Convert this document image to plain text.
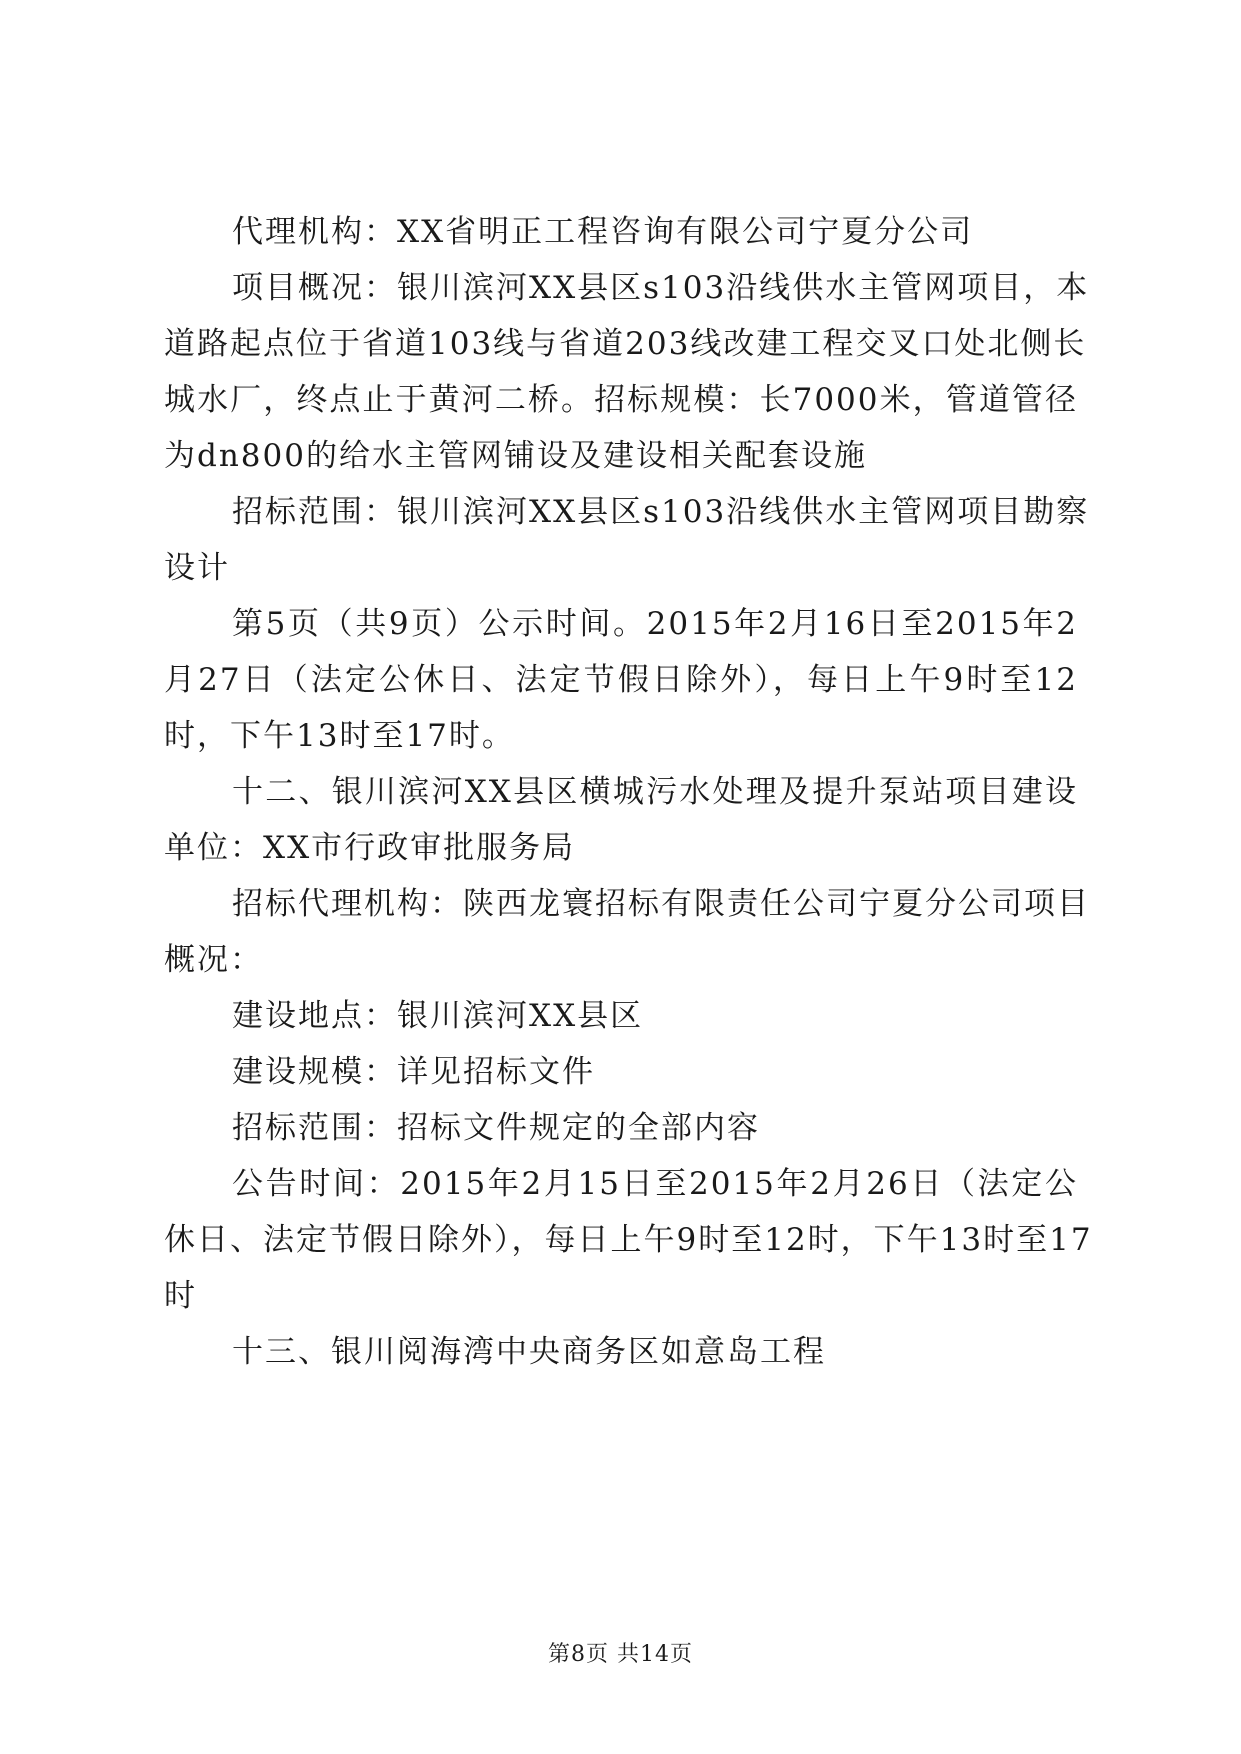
代理机构：XX省明正工程咨询有限公司宁夏分公司
项目概况：银川滨河XX县区s103沿线供水主管网项目，本
道路起点位于省道103线与省道203线改建工程交叉口处北侧长
城水厂，终点止于黄河二桥。招标规模：长7000米，管道管径
为dn800的给水主管网铺设及建设相关配套设施
招标范围：银川滨河XX县区s103沿线供水主管网项目勘察
设计
第5页（共9页）公示时间。2015年2月16日至2015年2
月27日（法定公休日、法定节假日除外），每日上午9时至12
时，下午13时至17时。
十二、银川滨河XX县区横城污水处理及提升泵站项目建设
单位：XX市行政审批服务局
招标代理机构：陕西龙寰招标有限责任公司宁夏分公司项目
概况：
建设地点：银川滨河XX县区
建设规模：详见招标文件
招标范围：招标文件规定的全部内容
公告时间：2015年2月15日至2015年2月26日（法定公
休日、法定节假日除外），每日上午9时至12时，下午13时至17
时
十三、银川阅海湾中央商务区如意岛工程
第8页 共14页
